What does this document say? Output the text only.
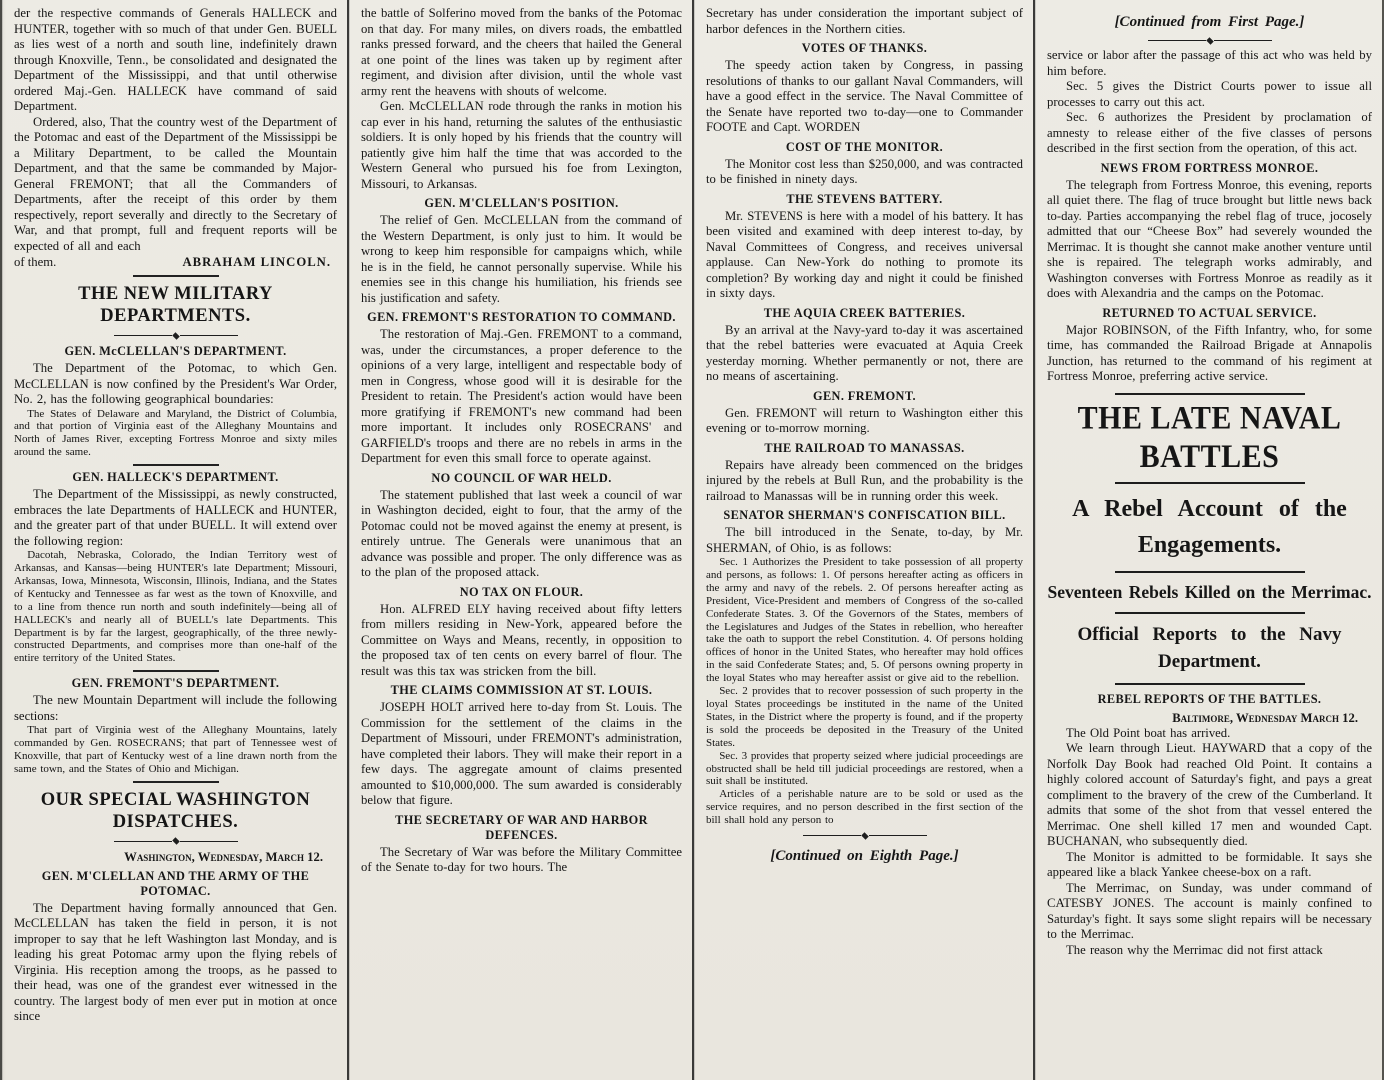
der the respective commands of Generals HALLECK and HUNTER, together with so much of that under Gen. BUELL as lies west of a north and south line, indefinitely drawn through Knoxville, Tenn., be consolidated and designated the Department of the Mississippi, and that until otherwise ordered Maj.-Gen. HALLECK have command of said Department.
Ordered, also, That the country west of the Department of the Potomac and east of the Department of the Mississippi be a Military Department, to be called the Mountain Department, and that the same be commanded by Major-General FREMONT; that all the Commanders of Departments, after the receipt of this order by them respectively, report severally and directly to the Secretary of War, and that prompt, full and frequent reports will be expected of all and each
of them.	ABRAHAM LINCOLN.
THE NEW MILITARY DEPARTMENTS.
GEN. McCLELLAN'S DEPARTMENT.
The Department of the Potomac, to which Gen. McCLELLAN is now confined by the President's War Order, No. 2, has the following geographical boundaries:
The States of Delaware and Maryland, the District of Columbia, and that portion of Virginia east of the Alleghany Mountains and North of James River, excepting Fortress Monroe and sixty miles around the same.
GEN. HALLECK'S DEPARTMENT.
The Department of the Mississippi, as newly constructed, embraces the late Departments of HALLECK and HUNTER, and the greater part of that under BUELL. It will extend over the following region:
Dacotah, Nebraska, Colorado, the Indian Territory west of Arkansas, and Kansas—being HUNTER's late Department; Missouri, Arkansas, Iowa, Minnesota, Wisconsin, Illinois, Indiana, and the States of Kentucky and Tennessee as far west as the town of Knoxville, and to a line from thence run north and south indefinitely—being all of HALLECK's and nearly all of BUELL's late Departments. This Department is by far the largest, geographically, of the three newly-constructed Departments, and comprises more than one-half of the entire territory of the United States.
GEN. FREMONT'S DEPARTMENT.
The new Mountain Department will include the following sections:
That part of Virginia west of the Alleghany Mountains, lately commanded by Gen. ROSECRANS; that part of Tennessee west of Knoxville, that part of Kentucky west of a line drawn north from the same town, and the States of Ohio and Michigan.
OUR SPECIAL WASHINGTON DISPATCHES.
Washington, Wednesday, March 12.
GEN. M'CLELLAN AND THE ARMY OF THE POTOMAC.
The Department having formally announced that Gen. McCLELLAN has taken the field in person, it is not improper to say that he left Washington last Monday, and is leading his great Potomac army upon the flying rebels of Virginia. His reception among the troops, as he passed to their head, was one of the grandest ever witnessed in the country. The largest body of men ever put in motion at once since
the battle of Solferino moved from the banks of the Potomac on that day. For many miles, on divers roads, the embattled ranks pressed forward, and the cheers that hailed the General at one point of the lines was taken up by regiment after regiment, and division after division, until the whole vast army rent the heavens with shouts of welcome.
Gen. McCLELLAN rode through the ranks in motion his cap ever in his hand, returning the salutes of the enthusiastic soldiers. It is only hoped by his friends that the country will patiently give him half the time that was accorded to the Western General who pursued his foe from Lexington, Missouri, to Arkansas.
GEN. M'CLELLAN'S POSITION.
The relief of Gen. McCLELLAN from the command of the Western Department, is only just to him. It would be wrong to keep him responsible for campaigns which, while he is in the field, he cannot personally supervise. While his enemies see in this change his humiliation, his friends see his justification and safety.
GEN. FREMONT'S RESTORATION TO COMMAND.
The restoration of Maj.-Gen. FREMONT to a command, was, under the circumstances, a proper deference to the opinions of a very large, intelligent and respectable body of men in Congress, whose good will it is desirable for the President to retain. The President's action would have been more gratifying if FREMONT's new command had been more important. It includes only ROSECRANS' and GARFIELD's troops and there are no rebels in arms in the Department for even this small force to operate against.
NO COUNCIL OF WAR HELD.
The statement published that last week a council of war in Washington decided, eight to four, that the army of the Potomac could not be moved against the enemy at present, is entirely untrue. The Generals were unanimous that an advance was possible and proper. The only difference was as to the plan of the proposed attack.
NO TAX ON FLOUR.
Hon. ALFRED ELY having received about fifty letters from millers residing in New-York, appeared before the Committee on Ways and Means, recently, in opposition to the proposed tax of ten cents on every barrel of flour. The result was this tax was stricken from the bill.
THE CLAIMS COMMISSION AT ST. LOUIS.
JOSEPH HOLT arrived here to-day from St. Louis. The Commission for the settlement of the claims in the Department of Missouri, under FREMONT's administration, have completed their labors. They will make their report in a few days. The aggregate amount of claims presented amounted to $10,000,000. The sum awarded is considerably below that figure.
THE SECRETARY OF WAR AND HARBOR DEFENCES.
The Secretary of War was before the Military Committee of the Senate to-day for two hours. The
Secretary has under consideration the important subject of harbor defences in the Northern cities.
VOTES OF THANKS.
The speedy action taken by Congress, in passing resolutions of thanks to our gallant Naval Commanders, will have a good effect in the service. The Naval Committee of the Senate have reported two to-day—one to Commander FOOTE and Capt. WORDEN
COST OF THE MONITOR.
The Monitor cost less than $250,000, and was contracted to be finished in ninety days.
THE STEVENS BATTERY.
Mr. STEVENS is here with a model of his battery. It has been visited and examined with deep interest to-day, by Naval Committees of Congress, and receives universal applause. Can New-York do nothing to promote its completion? By working day and night it could be finished in sixty days.
THE AQUIA CREEK BATTERIES.
By an arrival at the Navy-yard to-day it was ascertained that the rebel batteries were evacuated at Aquia Creek yesterday morning. Whether permanently or not, there are no means of ascertaining.
GEN. FREMONT.
Gen. FREMONT will return to Washington either this evening or to-morrow morning.
THE RAILROAD TO MANASSAS.
Repairs have already been commenced on the bridges injured by the rebels at Bull Run, and the probability is the railroad to Manassas will be in running order this week.
SENATOR SHERMAN'S CONFISCATION BILL.
The bill introduced in the Senate, to-day, by Mr. SHERMAN, of Ohio, is as follows:
Sec. 1 Authorizes the President to take possession of all property and persons, as follows: 1. Of persons hereafter acting as officers in the army and navy of the rebels. 2. Of persons hereafter acting as President, Vice-President and members of Congress of the so-called Confederate States. 3. Of the Governors of the States, members of the Legislatures and Judges of the States in rebellion, who hereafter take the oath to support the rebel Constitution. 4. Of persons holding offices of honor in the United States, who hereafter may hold offices in the said Confederate States; and, 5. Of persons owning property in the loyal States who may hereafter assist or give aid to the rebellion.
Sec. 2 provides that to recover possession of such property in the loyal States proceedings be instituted in the name of the United States, in the District where the property is found, and if the property is sold the proceeds be deposited in the Treasury of the United States.
Sec. 3 provides that property seized where judicial proceedings are obstructed shall be held till judicial proceedings are restored, when a suit shall be instituted.
Articles of a perishable nature are to be sold or used as the service requires, and no person described in the first section of the bill shall hold any person to
[Continued on Eighth Page.]
[Continued from First Page.]
service or labor after the passage of this act who was held by him before.
Sec. 5 gives the District Courts power to issue all processes to carry out this act.
Sec. 6 authorizes the President by proclamation of amnesty to release either of the five classes of persons described in the first section from the operation, of this act.
NEWS FROM FORTRESS MONROE.
The telegraph from Fortress Monroe, this evening, reports all quiet there. The flag of truce brought but little news back to-day. Parties accompanying the rebel flag of truce, jocosely admitted that our “Cheese Box” had severely wounded the Merrimac. It is thought she cannot make another venture until she is repaired. The telegraph works admirably, and Washington converses with Fortress Monroe as readily as it does with Alexandria and the camps on the Potomac.
RETURNED TO ACTUAL SERVICE.
Major ROBINSON, of the Fifth Infantry, who, for some time, has commanded the Railroad Brigade at Annapolis Junction, has returned to the command of his regiment at Fortress Monroe, preferring active service.
THE LATE NAVAL BATTLES
A Rebel Account of the Engagements.
Seventeen Rebels Killed on the Merrimac.
Official Reports to the Navy Department.
REBEL REPORTS OF THE BATTLES.
Baltimore, Wednesday March 12.
The Old Point boat has arrived.
We learn through Lieut. HAYWARD that a copy of the Norfolk Day Book had reached Old Point. It contains a highly colored account of Saturday's fight, and pays a great compliment to the bravery of the crew of the Cumberland. It admits that some of the shot from that vessel entered the Merrimac. One shell killed 17 men and wounded Capt. BUCHANAN, who subsequently died.
The Monitor is admitted to be formidable. It says she appeared like a black Yankee cheese-box on a raft.
The Merrimac, on Sunday, was under command of CATESBY JONES. The account is mainly confined to Saturday's fight. It says some slight repairs will be necessary to the Merrimac.
The reason why the Merrimac did not first attack
